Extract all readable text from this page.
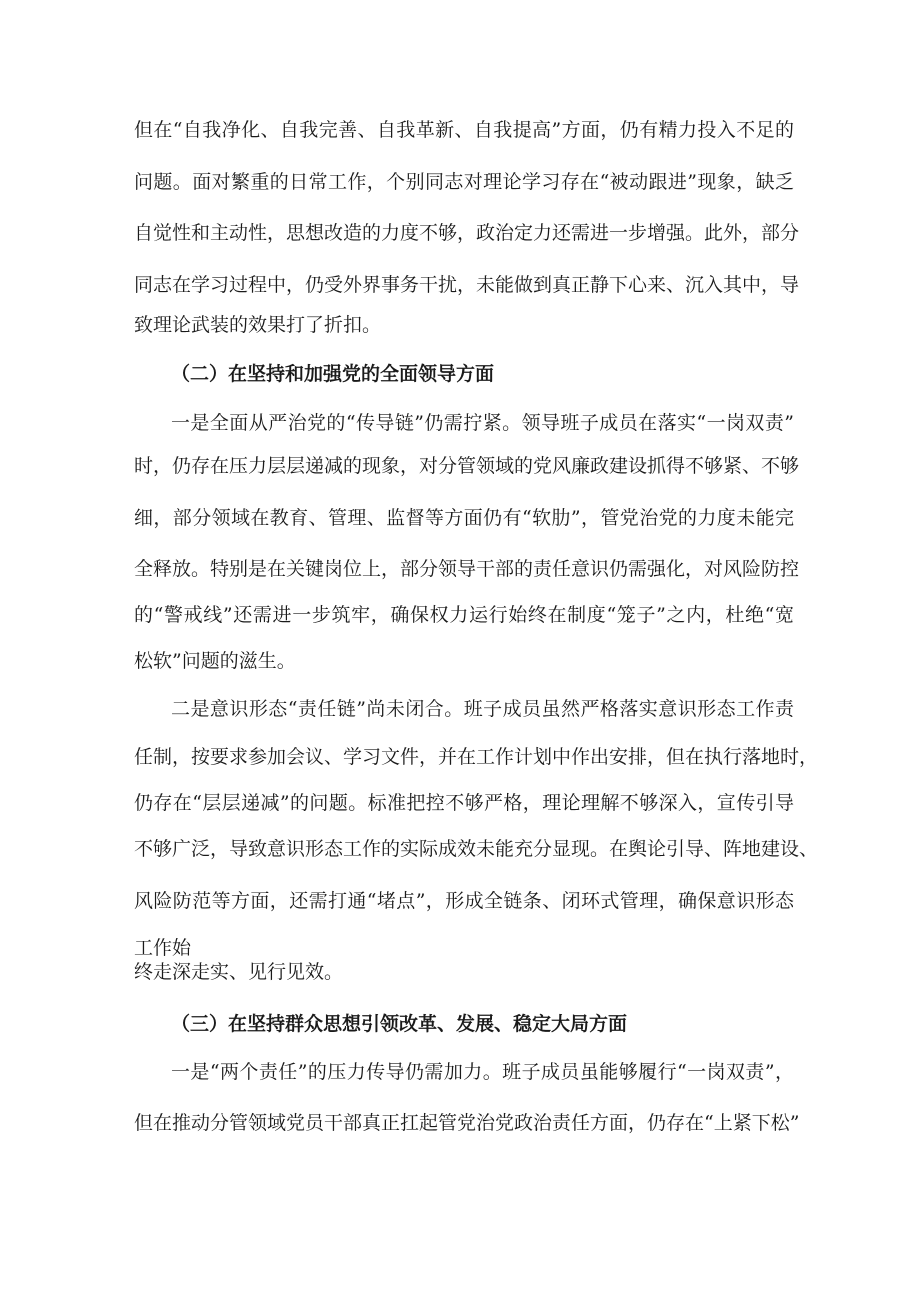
但在“自我净化、自我完善、自我革新、自我提高”方面，仍有精力投入不足的
问题。面对繁重的日常工作，个别同志对理论学习存在“被动跟进”现象，缺乏
自觉性和主动性，思想改造的力度不够，政治定力还需进一步增强。此外，部分
同志在学习过程中，仍受外界事务干扰，未能做到真正静下心来、沉入其中，导
致理论武装的效果打了折扣。
（二）在坚持和加强党的全面领导方面
一是全面从严治党的“传导链”仍需拧紧。领导班子成员在落实“一岗双责”
时，仍存在压力层层递减的现象，对分管领域的党风廉政建设抓得不够紧、不够
细，部分领域在教育、管理、监督等方面仍有“软肋”，管党治党的力度未能完
全释放。特别是在关键岗位上，部分领导干部的责任意识仍需强化，对风险防控
的“警戒线”还需进一步筑牢，确保权力运行始终在制度“笼子”之内，杜绝“宽
松软”问题的滋生。
二是意识形态“责任链”尚未闭合。班子成员虽然严格落实意识形态工作责
任制，按要求参加会议、学习文件，并在工作计划中作出安排，但在执行落地时，
仍存在“层层递减”的问题。标准把控不够严格，理论理解不够深入，宣传引导
不够广泛，导致意识形态工作的实际成效未能充分显现。在舆论引导、阵地建设、
风险防范等方面，还需打通“堵点”，形成全链条、闭环式管理，确保意识形态
工作始
终走深走实、见行见效。
（三）在坚持群众思想引领改革、发展、稳定大局方面
一是“两个责任”的压力传导仍需加力。班子成员虽能够履行“一岗双责”，
但在推动分管领域党员干部真正扛起管党治党政治责任方面，仍存在“上紧下松”
